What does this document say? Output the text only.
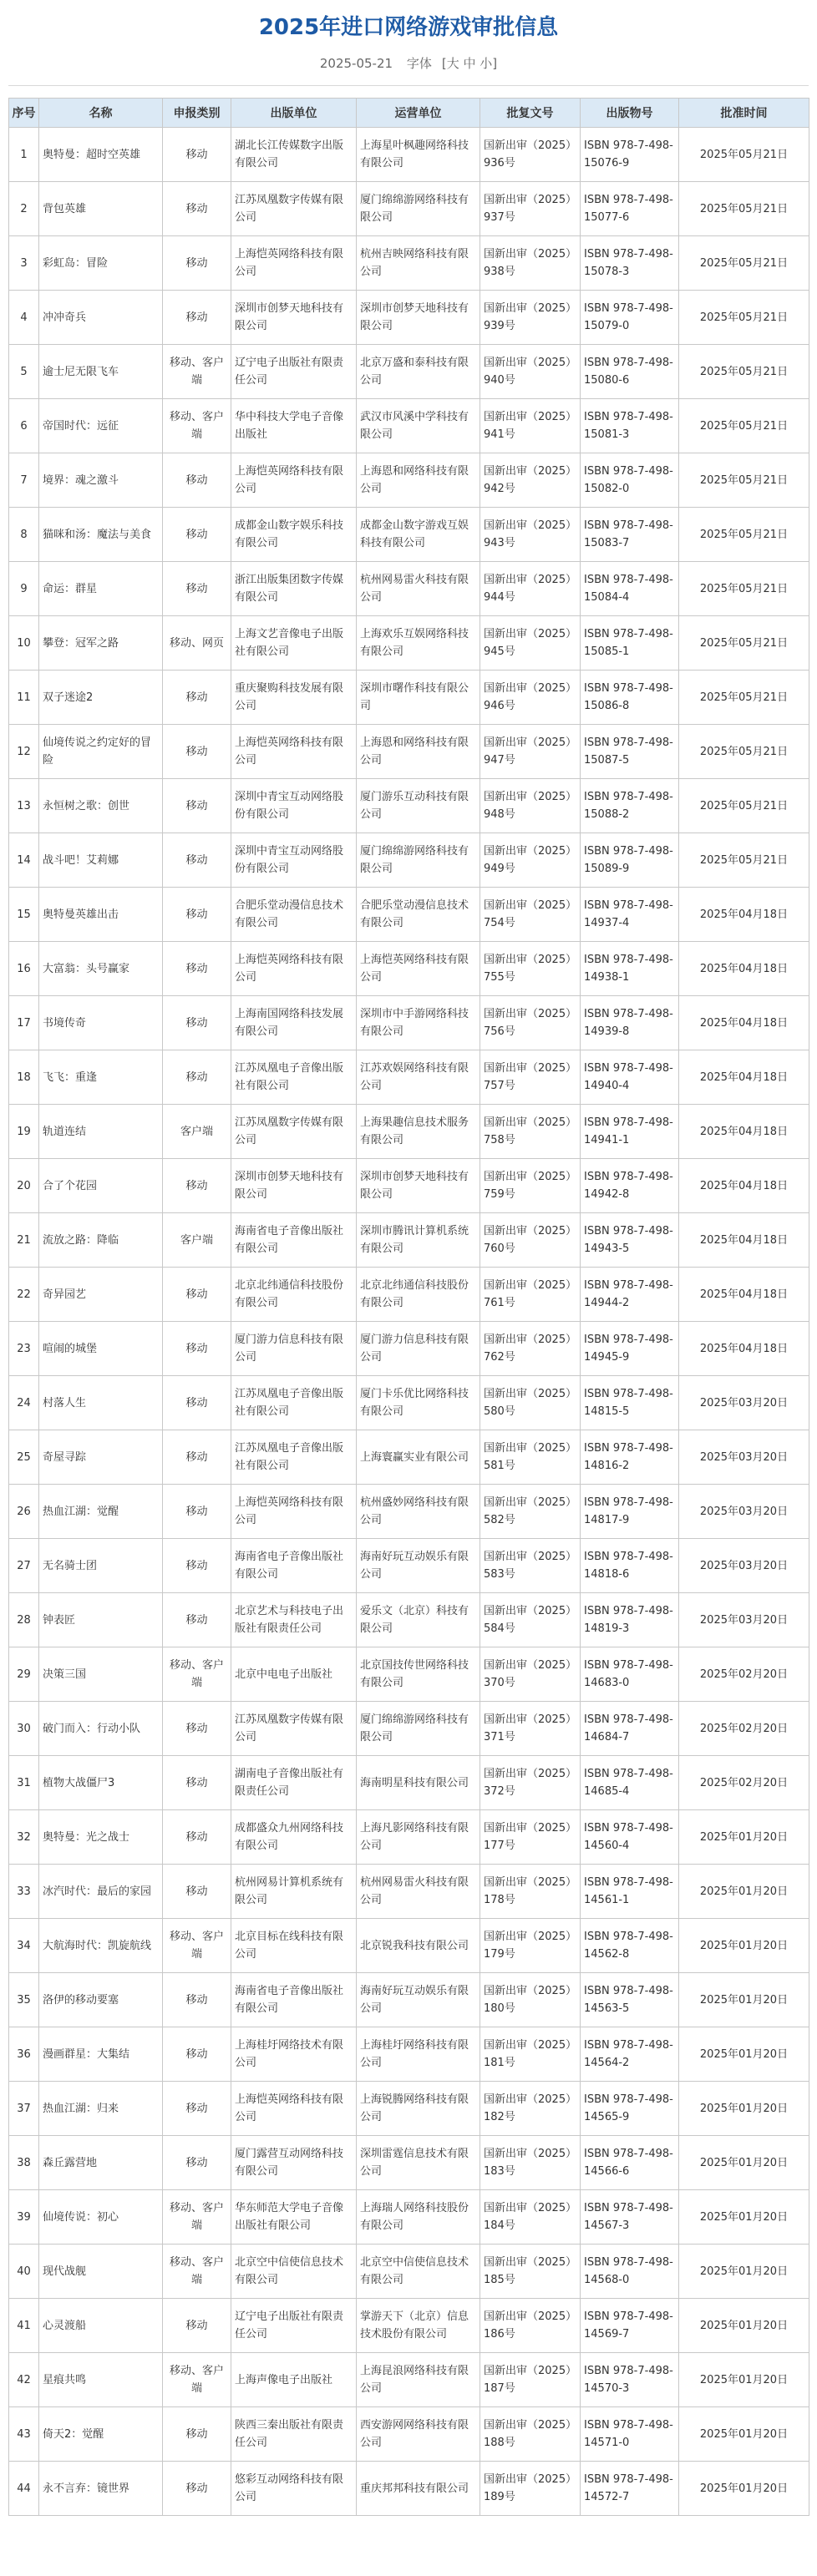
2025年进口网络游戏审批信息
2025-05-21 字体 [大 中 小]
序号	名称	申报类别	出版单位	运营单位	批复文号	出版物号	批准时间
1	奥特曼：超时空英雄	移动	湖北长江传媒数字出版有限公司	上海星叶枫趣网络科技有限公司	国新出审（2025）936号	ISBN 978-7-498-15076-9	2025年05月21日
2	背包英雄	移动	江苏凤凰数字传媒有限公司	厦门绵绵游网络科技有限公司	国新出审（2025）937号	ISBN 978-7-498-15077-6	2025年05月21日
3	彩虹岛：冒险	移动	上海恺英网络科技有限公司	杭州吉映网络科技有限公司	国新出审（2025）938号	ISBN 978-7-498-15078-3	2025年05月21日
4	冲冲奇兵	移动	深圳市创梦天地科技有限公司	深圳市创梦天地科技有限公司	国新出审（2025）939号	ISBN 978-7-498-15079-0	2025年05月21日
5	逾士尼无限飞车	移动、客户端	辽宁电子出版社有限责任公司	北京万盛和泰科技有限公司	国新出审（2025）940号	ISBN 978-7-498-15080-6	2025年05月21日
6	帝国时代：远征	移动、客户端	华中科技大学电子音像出版社	武汉市风溪中学科技有限公司	国新出审（2025）941号	ISBN 978-7-498-15081-3	2025年05月21日
7	境界：魂之激斗	移动	上海恺英网络科技有限公司	上海恩和网络科技有限公司	国新出审（2025）942号	ISBN 978-7-498-15082-0	2025年05月21日
8	猫咪和汤：魔法与美食	移动	成都金山数字娱乐科技有限公司	成都金山数字游戏互娱科技有限公司	国新出审（2025）943号	ISBN 978-7-498-15083-7	2025年05月21日
9	命运：群星	移动	浙江出版集团数字传媒有限公司	杭州网易雷火科技有限公司	国新出审（2025）944号	ISBN 978-7-498-15084-4	2025年05月21日
10	攀登：冠军之路	移动、网页	上海文艺音像电子出版社有限公司	上海欢乐互娱网络科技有限公司	国新出审（2025）945号	ISBN 978-7-498-15085-1	2025年05月21日
11	双子迷途2	移动	重庆聚购科技发展有限公司	深圳市曙作科技有限公司	国新出审（2025）946号	ISBN 978-7-498-15086-8	2025年05月21日
12	仙境传说之约定好的冒险	移动	上海恺英网络科技有限公司	上海恩和网络科技有限公司	国新出审（2025）947号	ISBN 978-7-498-15087-5	2025年05月21日
13	永恒树之歌：创世	移动	深圳中青宝互动网络股份有限公司	厦门游乐互动科技有限公司	国新出审（2025）948号	ISBN 978-7-498-15088-2	2025年05月21日
14	战斗吧！艾莉娜	移动	深圳中青宝互动网络股份有限公司	厦门绵绵游网络科技有限公司	国新出审（2025）949号	ISBN 978-7-498-15089-9	2025年05月21日
15	奥特曼英雄出击	移动	合肥乐堂动漫信息技术有限公司	合肥乐堂动漫信息技术有限公司	国新出审（2025）754号	ISBN 978-7-498-14937-4	2025年04月18日
16	大富翁：头号赢家	移动	上海恺英网络科技有限公司	上海恺英网络科技有限公司	国新出审（2025）755号	ISBN 978-7-498-14938-1	2025年04月18日
17	书境传奇	移动	上海南国网络科技发展有限公司	深圳市中手游网络科技有限公司	国新出审（2025）756号	ISBN 978-7-498-14939-8	2025年04月18日
18	飞飞：重逢	移动	江苏凤凰电子音像出版社有限公司	江苏欢娱网络科技有限公司	国新出审（2025）757号	ISBN 978-7-498-14940-4	2025年04月18日
19	轨道连结	客户端	江苏凤凰数字传媒有限公司	上海果趣信息技术服务有限公司	国新出审（2025）758号	ISBN 978-7-498-14941-1	2025年04月18日
20	合了个花园	移动	深圳市创梦天地科技有限公司	深圳市创梦天地科技有限公司	国新出审（2025）759号	ISBN 978-7-498-14942-8	2025年04月18日
21	流放之路：降临	客户端	海南省电子音像出版社有限公司	深圳市腾讯计算机系统有限公司	国新出审（2025）760号	ISBN 978-7-498-14943-5	2025年04月18日
22	奇异园艺	移动	北京北纬通信科技股份有限公司	北京北纬通信科技股份有限公司	国新出审（2025）761号	ISBN 978-7-498-14944-2	2025年04月18日
23	喧闹的城堡	移动	厦门游力信息科技有限公司	厦门游力信息科技有限公司	国新出审（2025）762号	ISBN 978-7-498-14945-9	2025年04月18日
24	村落人生	移动	江苏凤凰电子音像出版社有限公司	厦门卡乐优比网络科技有限公司	国新出审（2025）580号	ISBN 978-7-498-14815-5	2025年03月20日
25	奇屋寻踪	移动	江苏凤凰电子音像出版社有限公司	上海寰赢实业有限公司	国新出审（2025）581号	ISBN 978-7-498-14816-2	2025年03月20日
26	热血江湖：觉醒	移动	上海恺英网络科技有限公司	杭州盛妙网络科技有限公司	国新出审（2025）582号	ISBN 978-7-498-14817-9	2025年03月20日
27	无名骑士团	移动	海南省电子音像出版社有限公司	海南好玩互动娱乐有限公司	国新出审（2025）583号	ISBN 978-7-498-14818-6	2025年03月20日
28	钟表匠	移动	北京艺术与科技电子出版社有限责任公司	爱乐文（北京）科技有限公司	国新出审（2025）584号	ISBN 978-7-498-14819-3	2025年03月20日
29	决策三国	移动、客户端	北京中电电子出版社	北京国技传世网络科技有限公司	国新出审（2025）370号	ISBN 978-7-498-14683-0	2025年02月20日
30	破门而入：行动小队	移动	江苏凤凰数字传媒有限公司	厦门绵绵游网络科技有限公司	国新出审（2025）371号	ISBN 978-7-498-14684-7	2025年02月20日
31	植物大战僵尸3	移动	湖南电子音像出版社有限责任公司	海南明星科技有限公司	国新出审（2025）372号	ISBN 978-7-498-14685-4	2025年02月20日
32	奥特曼：光之战士	移动	成都盛众九州网络科技有限公司	上海凡影网络科技有限公司	国新出审（2025）177号	ISBN 978-7-498-14560-4	2025年01月20日
33	冰汽时代：最后的家园	移动	杭州网易计算机系统有限公司	杭州网易雷火科技有限公司	国新出审（2025）178号	ISBN 978-7-498-14561-1	2025年01月20日
34	大航海时代：凯旋航线	移动、客户端	北京目标在线科技有限公司	北京锐我科技有限公司	国新出审（2025）179号	ISBN 978-7-498-14562-8	2025年01月20日
35	洛伊的移动要塞	移动	海南省电子音像出版社有限公司	海南好玩互动娱乐有限公司	国新出审（2025）180号	ISBN 978-7-498-14563-5	2025年01月20日
36	漫画群星：大集结	移动	上海桂圩网络技术有限公司	上海桂圩网络科技有限公司	国新出审（2025）181号	ISBN 978-7-498-14564-2	2025年01月20日
37	热血江湖：归来	移动	上海恺英网络科技有限公司	上海锐腾网络科技有限公司	国新出审（2025）182号	ISBN 978-7-498-14565-9	2025年01月20日
38	森丘露营地	移动	厦门露营互动网络科技有限公司	深圳雷霆信息技术有限公司	国新出审（2025）183号	ISBN 978-7-498-14566-6	2025年01月20日
39	仙境传说：初心	移动、客户端	华东师范大学电子音像出版社有限公司	上海瑞人网络科技股份有限公司	国新出审（2025）184号	ISBN 978-7-498-14567-3	2025年01月20日
40	现代战舰	移动、客户端	北京空中信使信息技术有限公司	北京空中信使信息技术有限公司	国新出审（2025）185号	ISBN 978-7-498-14568-0	2025年01月20日
41	心灵渡船	移动	辽宁电子出版社有限责任公司	掌游天下（北京）信息技术股份有限公司	国新出审（2025）186号	ISBN 978-7-498-14569-7	2025年01月20日
42	星痕共鸣	移动、客户端	上海声像电子出版社	上海昆浪网络科技有限公司	国新出审（2025）187号	ISBN 978-7-498-14570-3	2025年01月20日
43	倚天2：觉醒	移动	陕西三秦出版社有限责任公司	西安游网网络科技有限公司	国新出审（2025）188号	ISBN 978-7-498-14571-0	2025年01月20日
44	永不言弃：镜世界	移动	悠彩互动网络科技有限公司	重庆邦邦科技有限公司	国新出审（2025）189号	ISBN 978-7-498-14572-7	2025年01月20日
